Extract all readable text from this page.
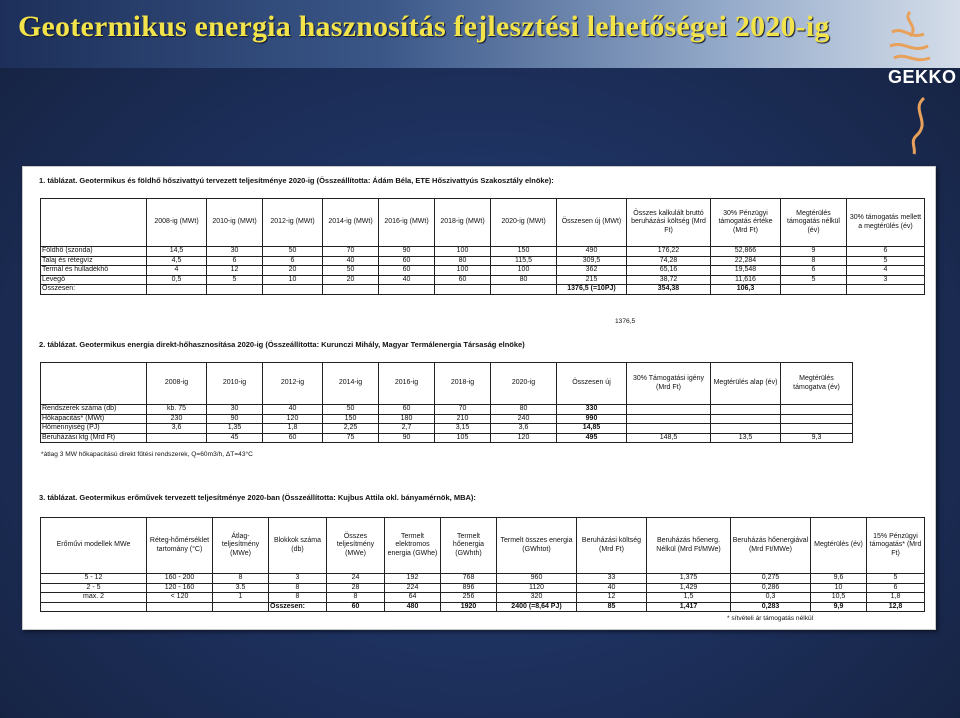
Geotermikus energia hasznosítás fejlesztési lehetőségei 2020-ig
GEKKO
1. táblázat. Geotermikus és földhő hőszivattyú tervezett teljesítménye 2020-ig (Összeállította: Ádám Béla, ETE Hőszivattyús Szakosztály elnöke):
	2008-ig (MWt)	2010-ig (MWt)	2012-ig (MWt)	2014-ig (MWt)	2016-ig (MWt)	2018-ig (MWt)	2020-ig (MWt)	Összesen új (MWt)	Összes kalkulált bruttó beruházási költség (Mrd Ft)	30% Pénzügyi támogatás értéke (Mrd Ft)	Megtérülés támogatás nélkül (év)	30% támogatás mellett a megtérülés (év)
Földhő (szonda)	14,5	30	50	70	90	100	150	490	176,22	52,866	9	6
Talaj és rétegvíz	4,5	6	6	40	60	80	115,5	309,5	74,28	22,284	8	5
Termál és hulladékhő	4	12	20	50	60	100	100	362	65,16	19,548	6	4
Levegő	0,5	5	10	20	40	60	80	215	38,72	11,616	5	3
Összesen:								1376,5 (=10PJ)	354,38	106,3		
1376,5
2. táblázat. Geotermikus energia direkt-hőhasznosítása 2020-ig (Összeállította: Kurunczi Mihály, Magyar Termálenergia Társaság elnöke)
	2008-ig	2010-ig	2012-ig	2014-ig	2016-ig	2018-ig	2020-ig	Összesen új	30% Támogatási igény (Mrd Ft)	Megtérülés alap (év)	Megtérülés támogatva (év)
Rendszerek száma (db)	kb. 75	30	40	50	60	70	80	330			
Hőkapacitás* (MWt)	230	90	120	150	180	210	240	990			
Hőmennyiség (PJ)	3,6	1,35	1,8	2,25	2,7	3,15	3,6	14,85			
Beruházási ktg (Mrd Ft)		45	60	75	90	105	120	495	148,5	13,5	9,3
*átlag 3 MW hőkapacitású direkt fűtési rendszerek, Q=60m3/h, ΔT=43°C
3. táblázat. Geotermikus erőművek tervezett teljesítménye 2020-ban (Összeállította: Kujbus Attila okl. bányamérnök, MBA):
Erőművi modellek MWe	Réteg-hőmérséklet tartomány (°C)	Átlag-teljesítmény (MWe)	Blokkok száma (db)	Összes teljesítmény (MWe)	Termelt elektromos energia (GWhe)	Termelt hőenergia (GWhth)	Termelt összes energia (GWhtot)	Beruházási költség (Mrd Ft)	Beruházás hőenerg. Nélkül (Mrd Ft/MWe)	Beruházás hőenergiával (Mrd Ft/MWe)	Megtérülés (év)	15% Pénzügyi támogatás* (Mrd Ft)
5 - 12	160 - 200	8	3	24	192	768	960	33	1,375	0,275	9,6	5
2 - 5	120 - 160	3.5	8	28	224	896	1120	40	1,429	0,286	10	6
max. 2	< 120	1	8	8	64	256	320	12	1,5	0,3	10,5	1,8
			Összesen:	60	480	1920	2400 (=8,64 PJ)	85	1,417	0,283	9,9	12,8
* sítvételi ár támogatás nélkül
